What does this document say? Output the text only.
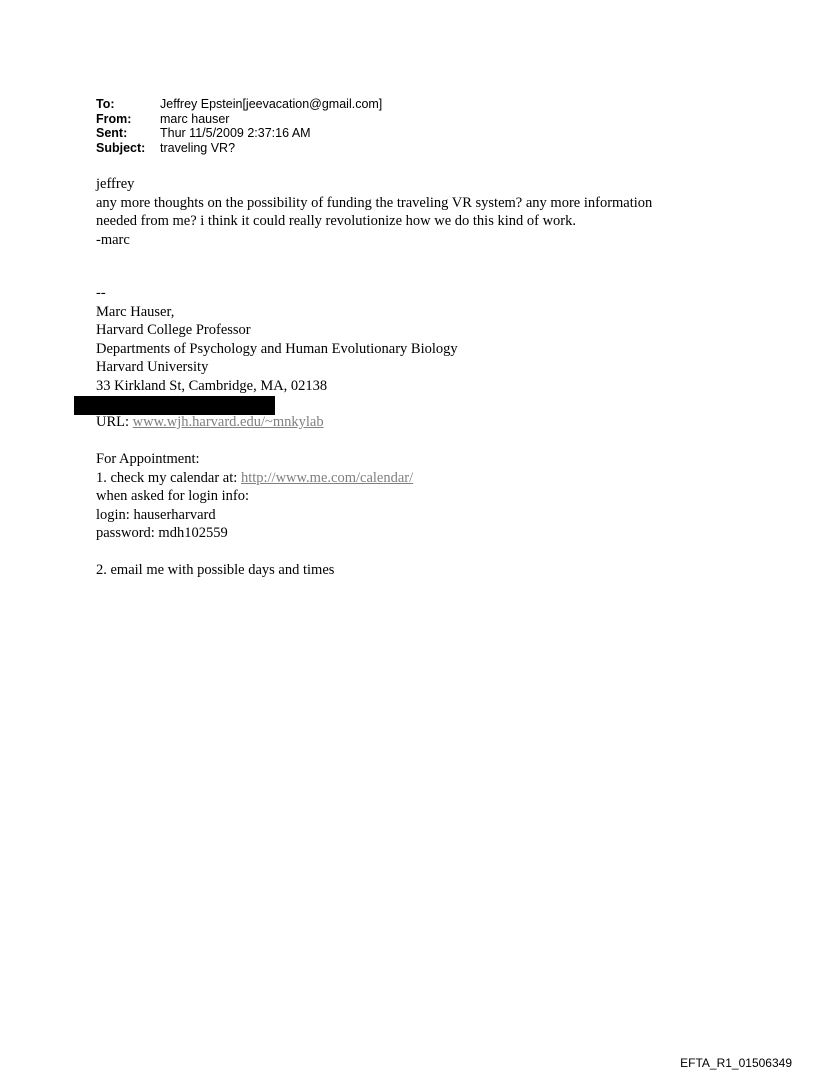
To:	Jeffrey Epstein[jeevacation@gmail.com]
From:	marc hauser
Sent:	Thur 11/5/2009 2:37:16 AM
Subject:	traveling VR?
jeffrey
any more thoughts on the possibility of funding the traveling VR system? any more information
needed from me? i think it could really revolutionize how we do this kind of work.
-marc
--
Marc Hauser,
Harvard College Professor
Departments of Psychology and Human Evolutionary Biology
Harvard University
33 Kirkland St, Cambridge, MA, 02138
URL: www.wjh.harvard.edu/~mnkylab
For Appointment:
1. check my calendar at: http://www.me.com/calendar/
when asked for login info:
login: hauserharvard
password: mdh102559
2. email me with possible days and times
EFTA_R1_01506349
